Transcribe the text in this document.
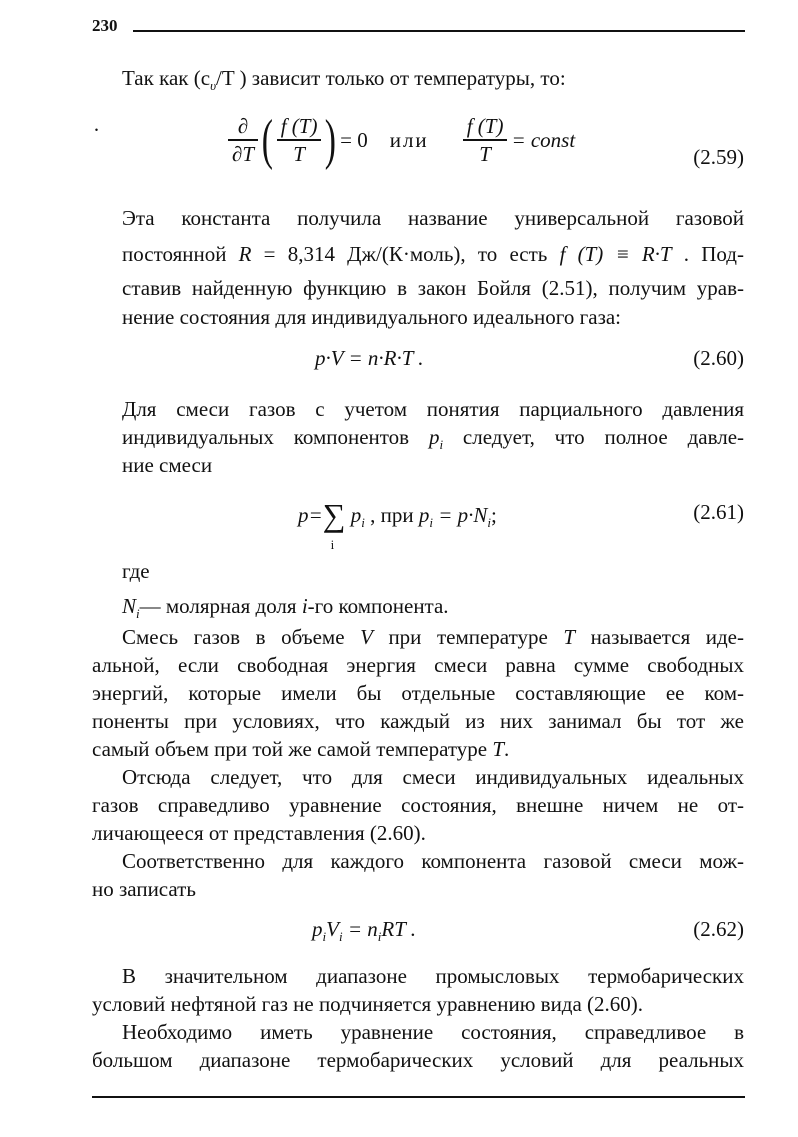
230
Так как ($c_\upsilon/T$ ) зависит только от температуры, то:
·	$\frac{\partial}{\partial T}$ ( $\frac{f (T)}{T}$ ) = 0 или $\frac{f (T)}{T}$ = const
(2.59)
Эта константа получила название универсальной газовой
постоянной R = 8,314 Дж/(К·моль), то есть f (T) ≡ R·T . Под-
ставив найденную функцию в закон Бойля (2.51), получим урав-
нение состояния для индивидуального идеального газа:
p·V = n·R·T .	(2.60)
Для смеси газов с учетом понятия парциального давления
индивидуальных компонентов $p_i$ следует, что полное давле-
ние смеси
p=∑
i
$p_i$ , при $p_i = p\cdot N_i$;	(2.61)
где
$N_i—$ молярная доля i-го компонента.
Смесь газов в объеме V при температуре T называется иде-
альной, если свободная энергия смеси равна сумме свободных
энергий, которые имели бы отдельные составляющие ее ком-
поненты при условиях, что каждый из них занимал бы тот же
самый объем при той же самой температуре T.
Отсюда следует, что для смеси индивидуальных идеальных
газов справедливо уравнение состояния, внешне ничем не от-
личающееся от представления (2.60).
Соответственно для каждого компонента газовой смеси мож-
но записать
$p_iV_i = n_iRT$ .	(2.62)
В значительном диапазоне промысловых термобарических
условий нефтяной газ не подчиняется уравнению вида (2.60).
Необходимо иметь уравнение состояния, справедливое в
большом диапазоне термобарических условий для реальных
